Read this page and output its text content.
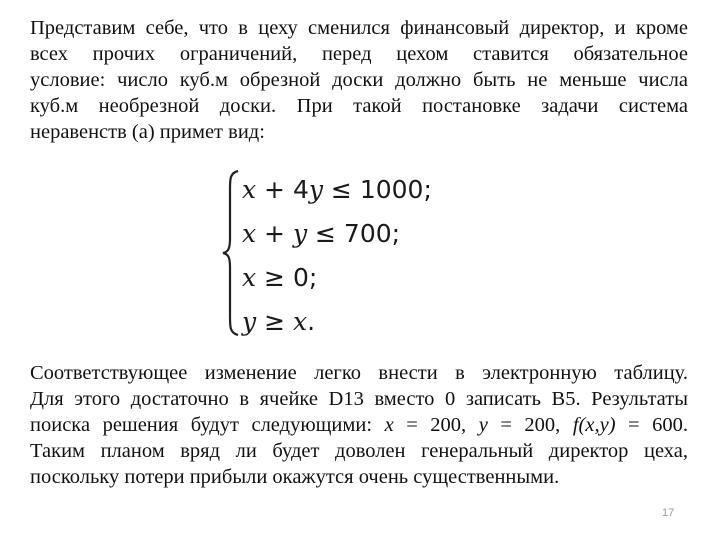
Представим себе, что в цеху сменился финансовый директор, и кроме
всех прочих ограничений, перед цехом ставится обязательное
условие: число куб.м обрезной доски должно быть не меньше числа
куб.м необрезной доски. При такой постановке задачи система
неравенств (а) примет вид:
x + 4y ≤ 1000;
x + y ≤ 700;
x ≥ 0;
y ≥ x.
Соответствующее изменение легко внести в электронную таблицу.
Для этого достаточно в ячейке D13 вместо 0 записать B5. Результаты
поиска решения будут следующими: x = 200, y = 200, f(x,y) = 600.
Таким планом вряд ли будет доволен генеральный директор цеха,
поскольку потери прибыли окажутся очень существенными.
17
